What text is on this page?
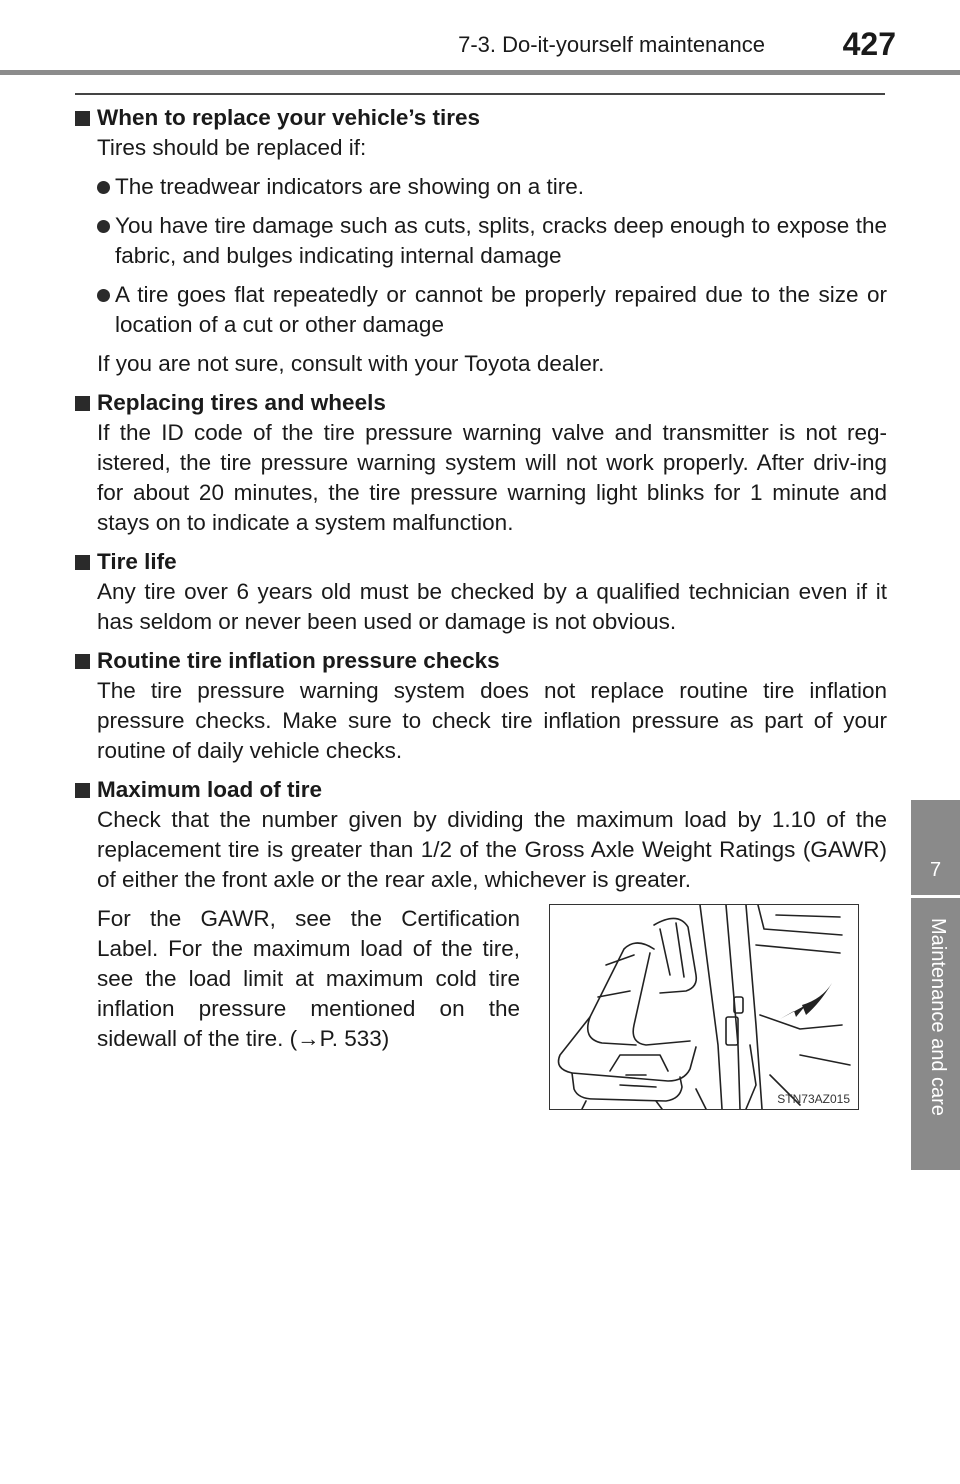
7-3. Do-it-yourself maintenance	427
7
Maintenance and care
When to replace your vehicle’s tires
Tires should be replaced if:
The treadwear indicators are showing on a tire.
You have tire damage such as cuts, splits, cracks deep enough to expose the fabric, and bulges indicating internal damage
A tire goes flat repeatedly or cannot be properly repaired due to the size or location of a cut or other damage
If you are not sure, consult with your Toyota dealer.
Replacing tires and wheels
If the ID code of the tire pressure warning valve and transmitter is not reg-istered, the tire pressure warning system will not work properly. After driv-ing for about 20 minutes, the tire pressure warning light blinks for 1 minute and stays on to indicate a system malfunction.
Tire life
Any tire over 6 years old must be checked by a qualified technician even if it has seldom or never been used or damage is not obvious.
Routine tire inflation pressure checks
The tire pressure warning system does not replace routine tire inflation pressure checks. Make sure to check tire inflation pressure as part of your routine of daily vehicle checks.
Maximum load of tire
Check that the number given by dividing the maximum load by 1.10 of the replacement tire is greater than 1/2 of the Gross Axle Weight Ratings (GAWR) of either the front axle or the rear axle, whichever is greater.
For the GAWR, see the Certification Label. For the maximum load of the tire, see the load limit at maximum cold tire inflation pressure mentioned on the sidewall of the tire. (→P. 533)
STN73AZ015
